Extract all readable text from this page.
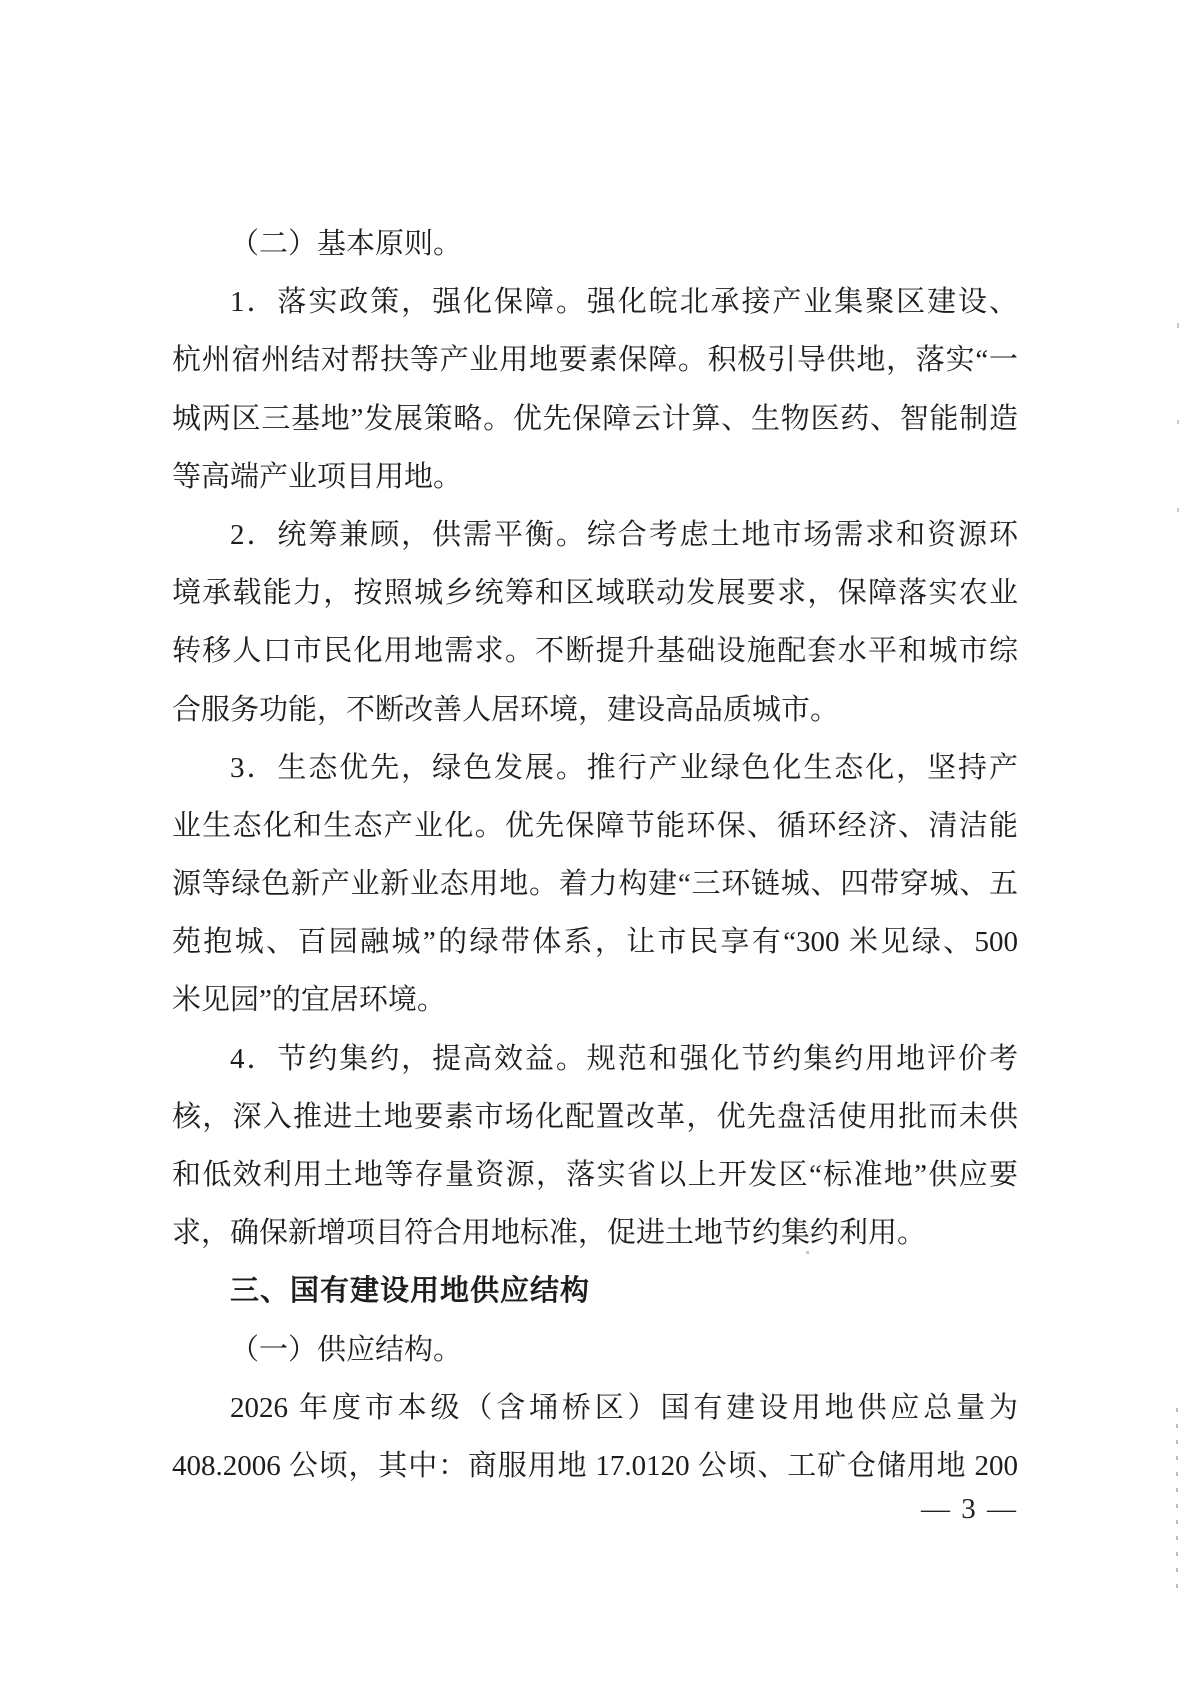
（二）基本原则。
1．落实政策，强化保障。强化皖北承接产业集聚区建设、
杭州宿州结对帮扶等产业用地要素保障。积极引导供地，落实“一
城两区三基地”发展策略。优先保障云计算、生物医药、智能制造
等高端产业项目用地。
2．统筹兼顾，供需平衡。综合考虑土地市场需求和资源环
境承载能力，按照城乡统筹和区域联动发展要求，保障落实农业
转移人口市民化用地需求。不断提升基础设施配套水平和城市综
合服务功能，不断改善人居环境，建设高品质城市。
3．生态优先，绿色发展。推行产业绿色化生态化，坚持产
业生态化和生态产业化。优先保障节能环保、循环经济、清洁能
源等绿色新产业新业态用地。着力构建“三环链城、四带穿城、五
苑抱城、百园融城”的绿带体系，让市民享有“300 米见绿、500
米见园”的宜居环境。
4．节约集约，提高效益。规范和强化节约集约用地评价考
核，深入推进土地要素市场化配置改革，优先盘活使用批而未供
和低效利用土地等存量资源，落实省以上开发区“标准地”供应要
求，确保新增项目符合用地标准，促进土地节约集约利用。
三、国有建设用地供应结构
（一）供应结构。
2026 年度市本级（含埇桥区）国有建设用地供应总量为
408.2006 公顷，其中：商服用地 17.0120 公顷、工矿仓储用地 200
— 3 —
